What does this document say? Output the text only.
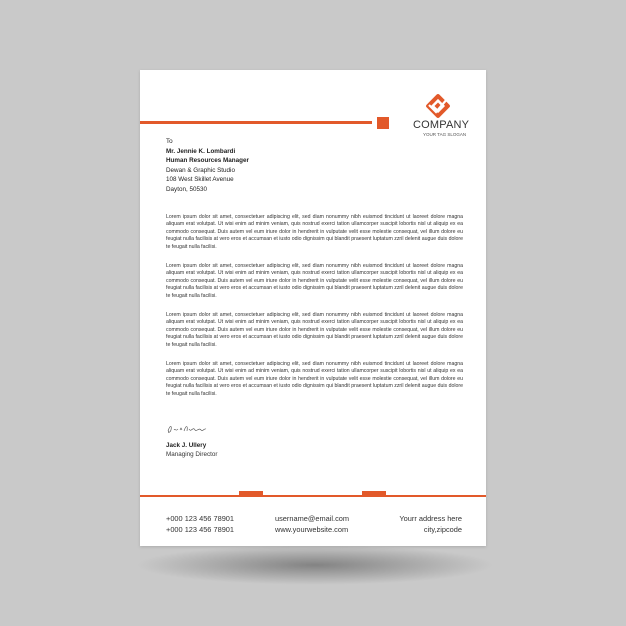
COMPANY
YOUR TAG SLOGAN
To
Mr. Jennie K. Lombardi
Human Resources Manager
Dewan & Graphic Studio
108 West Skillet Avenue
Dayton, 50530
Lorem ipsum dolor sit amet, consectetuer adipiscing elit, sed diam nonummy nibh euismod tincidunt ut laoreet dolore magna aliquam erat volutpat. Ut wisi enim ad minim veniam, quis nostrud exerci tation ullamcorper suscipit lobortis nisl ut aliquip ex ea commodo consequat. Duis autem vel eum iriure dolor in hendrerit in vulputate velit esse molestie consequat, vel illum dolore eu feugiat nulla facilisis at vero eros et accumsan et iusto odio dignissim qui blandit praesent luptatum zzril delenit augue duis dolore te feugait nulla facilisi.
Lorem ipsum dolor sit amet, consectetuer adipiscing elit, sed diam nonummy nibh euismod tincidunt ut laoreet dolore magna aliquam erat volutpat. Ut wisi enim ad minim veniam, quis nostrud exerci tation ullamcorper suscipit lobortis nisl ut aliquip ex ea commodo consequat. Duis autem vel eum iriure dolor in hendrerit in vulputate velit esse molestie consequat, vel illum dolore eu feugiat nulla facilisis at vero eros et accumsan et iusto odio dignissim qui blandit praesent luptatum zzril delenit augue duis dolore te feugait nulla facilisi.
Lorem ipsum dolor sit amet, consectetuer adipiscing elit, sed diam nonummy nibh euismod tincidunt ut laoreet dolore magna aliquam erat volutpat. Ut wisi enim ad minim veniam, quis nostrud exerci tation ullamcorper suscipit lobortis nisl ut aliquip ex ea commodo consequat. Duis autem vel eum iriure dolor in hendrerit in vulputate velit esse molestie consequat, vel illum dolore eu feugiat nulla facilisis at vero eros et accumsan et iusto odio dignissim qui blandit praesent luptatum zzril delenit augue duis dolore te feugait nulla facilisi.
Lorem ipsum dolor sit amet, consectetuer adipiscing elit, sed diam nonummy nibh euismod tincidunt ut laoreet dolore magna aliquam erat volutpat. Ut wisi enim ad minim veniam, quis nostrud exerci tation ullamcorper suscipit lobortis nisl ut aliquip ex ea commodo consequat. Duis autem vel eum iriure dolor in hendrerit in vulputate velit esse molestie consequat, vel illum dolore eu feugiat nulla facilisis at vero eros et accumsan et iusto odio dignissim qui blandit praesent luptatum zzril delenit augue duis dolore te feugait nulla facilisi.
Jack J. Ullery
Managing Director
+000 123 456 78901
+000 123 456 78901
username@email.com
www.yourwebsite.com
Yourr address here
city,zipcode
